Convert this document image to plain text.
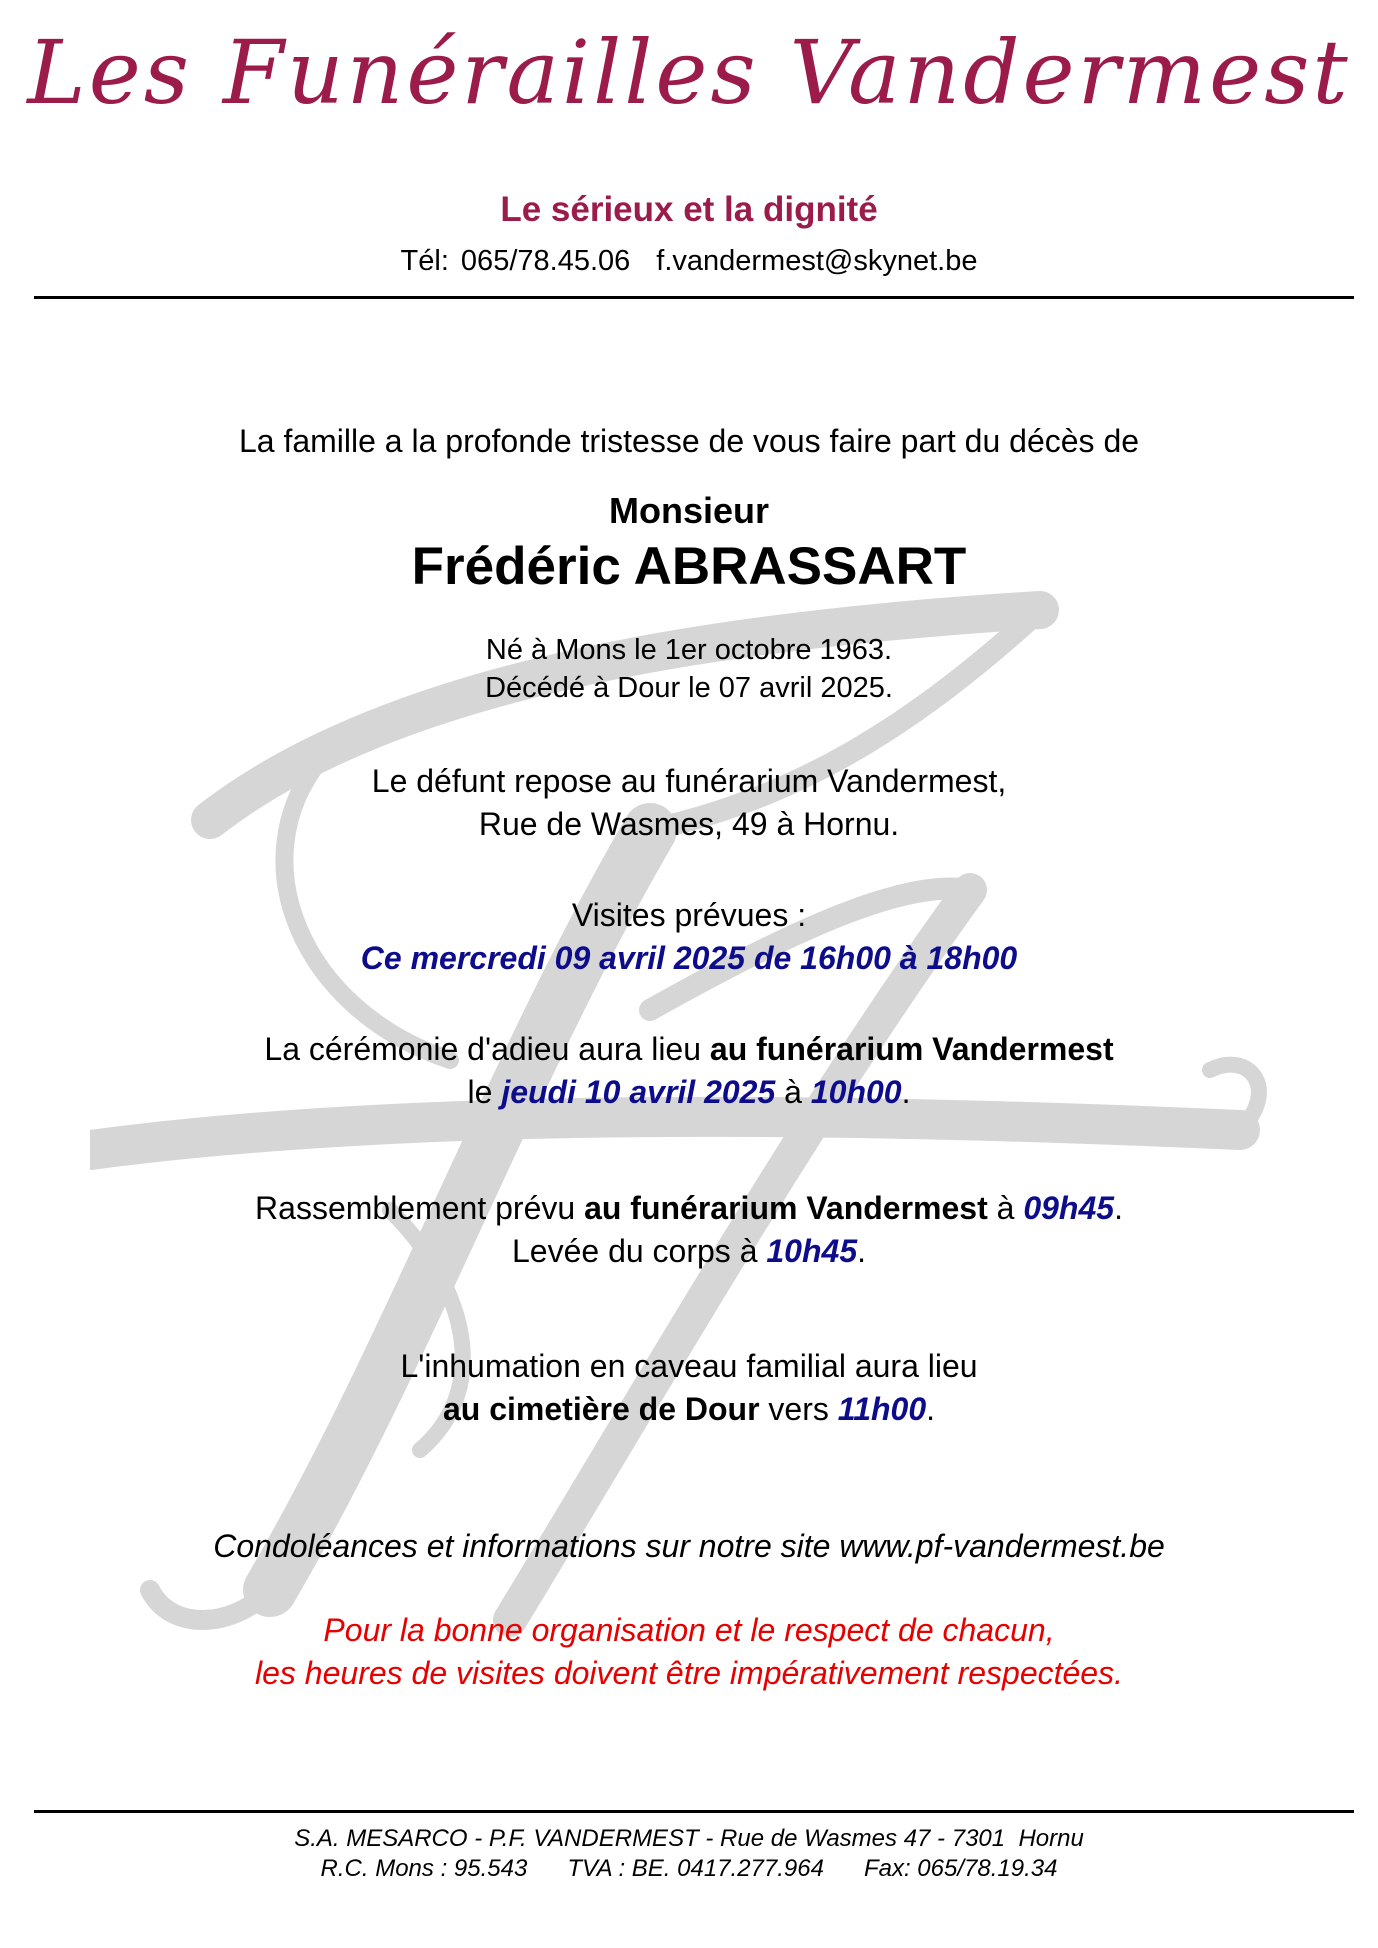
Les Funérailles Vandermest
Le sérieux et la dignité
Tél: 065/78.45.06 f.vandermest@skynet.be
La famille a la profonde tristesse de vous faire part du décès de
Monsieur
Frédéric ABRASSART
Né à Mons le 1er octobre 1963.
Décédé à Dour le 07 avril 2025.
Le défunt repose au funérarium Vandermest,
Rue de Wasmes, 49 à Hornu.
Visites prévues :
Ce mercredi 09 avril 2025 de 16h00 à 18h00
La cérémonie d'adieu aura lieu au funérarium Vandermest
le jeudi 10 avril 2025 à 10h00.
Rassemblement prévu au funérarium Vandermest à 09h45.
Levée du corps à 10h45.
L'inhumation en caveau familial aura lieu
au cimetière de Dour vers 11h00.
Condoléances et informations sur notre site www.pf-vandermest.be
Pour la bonne organisation et le respect de chacun,
les heures de visites doivent être impérativement respectées.
S.A. MESARCO - P.F. VANDERMEST - Rue de Wasmes 47 - 7301  Hornu
R.C. Mons : 95.543      TVA : BE. 0417.277.964      Fax: 065/78.19.34
